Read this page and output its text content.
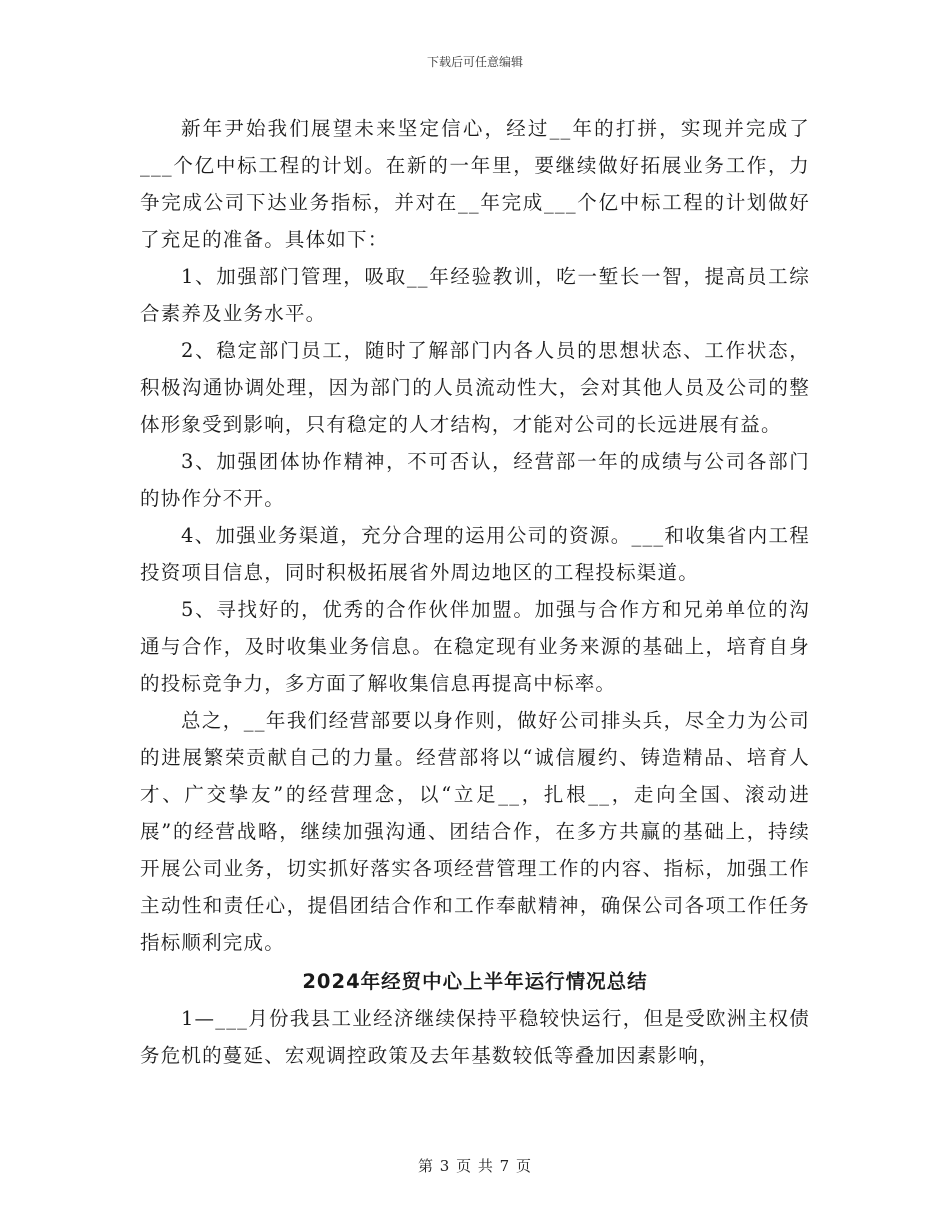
下载后可任意编辑

新年尹始我们展望未来坚定信心，经过__年的打拼，实现并完成了___个亿中标工程的计划。在新的一年里，要继续做好拓展业务工作，力争完成公司下达业务指标，并对在__年完成___个亿中标工程的计划做好了充足的准备。具体如下：

1、加强部门管理，吸取__年经验教训，吃一堑长一智，提高员工综合素养及业务水平。

2、稳定部门员工，随时了解部门内各人员的思想状态、工作状态，积极沟通协调处理，因为部门的人员流动性大，会对其他人员及公司的整体形象受到影响，只有稳定的人才结构，才能对公司的长远进展有益。

3、加强团体协作精神，不可否认，经营部一年的成绩与公司各部门的协作分不开。

4、加强业务渠道，充分合理的运用公司的资源。___和收集省内工程投资项目信息，同时积极拓展省外周边地区的工程投标渠道。

5、寻找好的，优秀的合作伙伴加盟。加强与合作方和兄弟单位的沟通与合作，及时收集业务信息。在稳定现有业务来源的基础上，培育自身的投标竞争力，多方面了解收集信息再提高中标率。

总之，__年我们经营部要以身作则，做好公司排头兵，尽全力为公司的进展繁荣贡献自己的力量。经营部将以“诚信履约、铸造精品、培育人才、广交挚友”的经营理念，以“立足__，扎根__，走向全国、滚动进展”的经营战略，继续加强沟通、团结合作，在多方共赢的基础上，持续开展公司业务，切实抓好落实各项经营管理工作的内容、指标，加强工作主动性和责任心，提倡团结合作和工作奉献精神，确保公司各项工作任务指标顺利完成。

2024年经贸中心上半年运行情况总结

1—___月份我县工业经济继续保持平稳较快运行，但是受欧洲主权债务危机的蔓延、宏观调控政策及去年基数较低等叠加因素影响，

第 3 页 共 7 页
